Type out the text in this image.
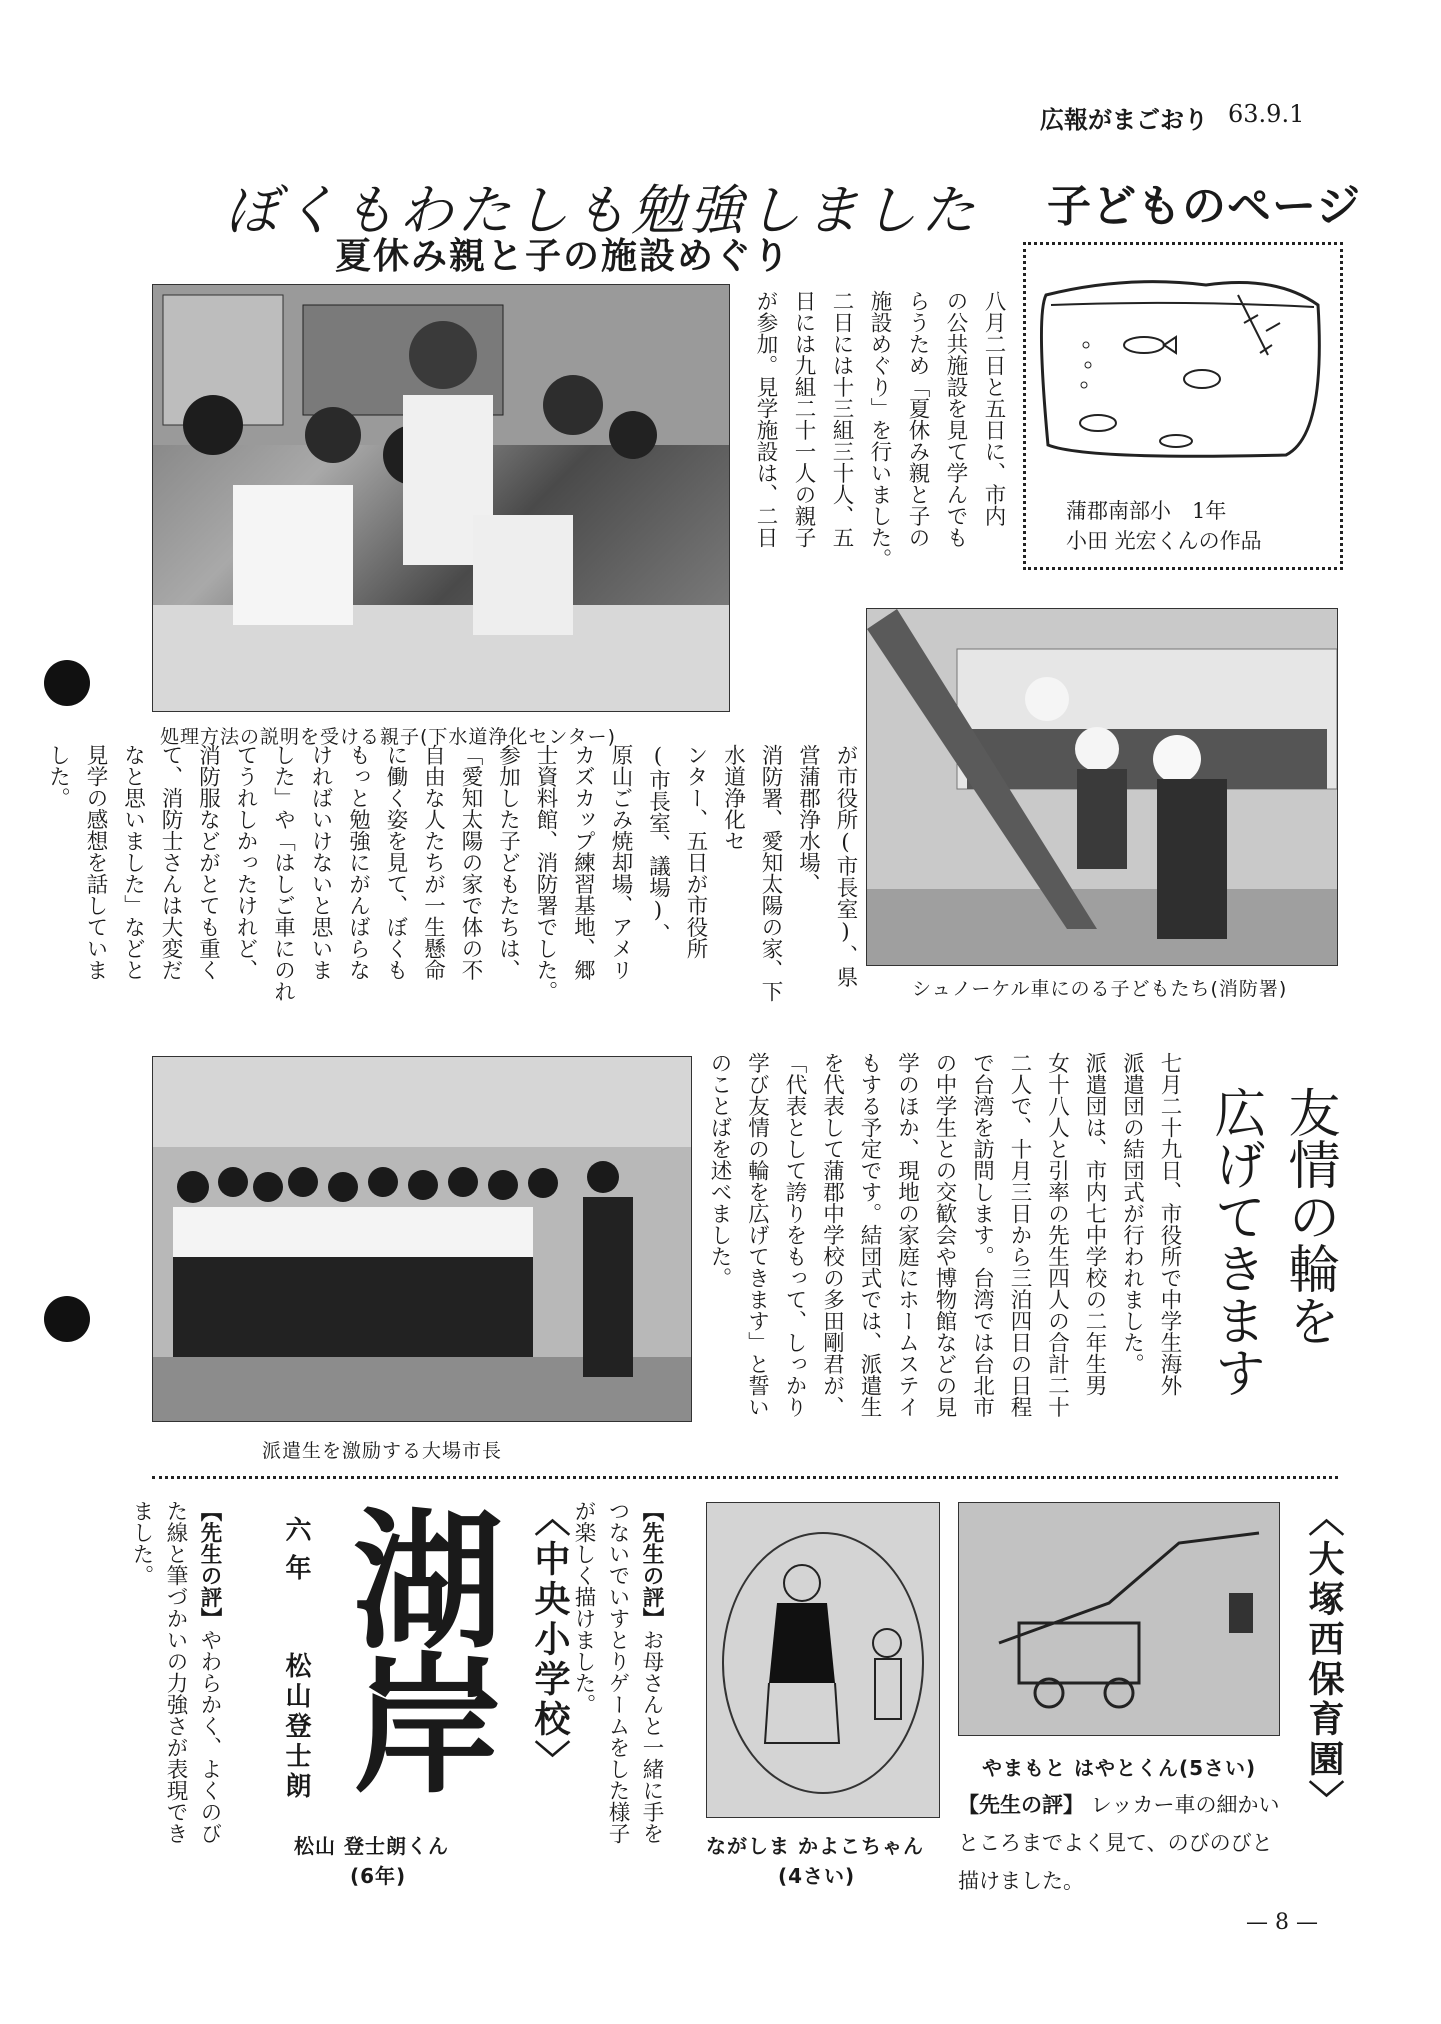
広報がまごおり 63.9.1
ぼくもわたしも勉強しました
夏休み親と子の施設めぐり
子どものページ
蒲郡南部小　1年
小田 光宏くんの作品
処理方法の説明を受ける親子(下水道浄化センター)
八月二日と五日に、市内
の公共施設を見て学んでも
らうため「夏休み親と子の
施設めぐり」を行いました。
二日には十三組三十人、五
日には九組二十一人の親子
が参加。見学施設は、二日
が市役所(市長室)、県営蒲郡浄水場、
消防署、愛知太陽の家、下水道浄化セ
ンター、五日が市役所(市長室、議場)、
原山ごみ焼却場、アメリ
カズカップ練習基地、郷
士資料館、消防署でした。
参加した子どもたちは、
「愛知太陽の家で体の不
自由な人たちが一生懸命
に働く姿を見て、ぼくも
もっと勉強にがんばらな
ければいけないと思いま
した」や「はしご車にのれ
てうれしかったけれど、
消防服などがとても重く
て、消防士さんは大変だ
なと思いました」などと
見学の感想を話していま
した。
シュノーケル車にのる子どもたち(消防署)
派遣生を激励する大場市長
友情の輪を
広げてきます
七月二十九日、市役所で中学生海外
派遣団の結団式が行われました。
派遣団は、市内七中学校の二年生男
女十八人と引率の先生四人の合計二十
二人で、十月三日から三泊四日の日程
で台湾を訪問します。台湾では台北市
の中学生との交歓会や博物館などの見
学のほか、現地の家庭にホームステイ
もする予定です。結団式では、派遣生
を代表して蒲郡中学校の多田剛君が、
「代表として誇りをもって、しっかり
学び友情の輪を広げてきます」と誓い
のことばを述べました。
〈大塚西保育園〉
やまもと はやとくん(5さい)
【先生の評】 レッカー車の細かいところまでよく見て、のびのびと描けました。
ながしま かよこちゃん
(4さい)

【先生の評】お母さんと一緒に手を
つないでいすとりゲームをした様子
が楽しく描けました。

〈中央小学校〉
湖岸
六年
松山登士朗
松山 登士朗くん
(6年)

【先生の評】やわらかく、よくのび
た線と筆づかいの力強さが表現でき
ました。

— 8 —
